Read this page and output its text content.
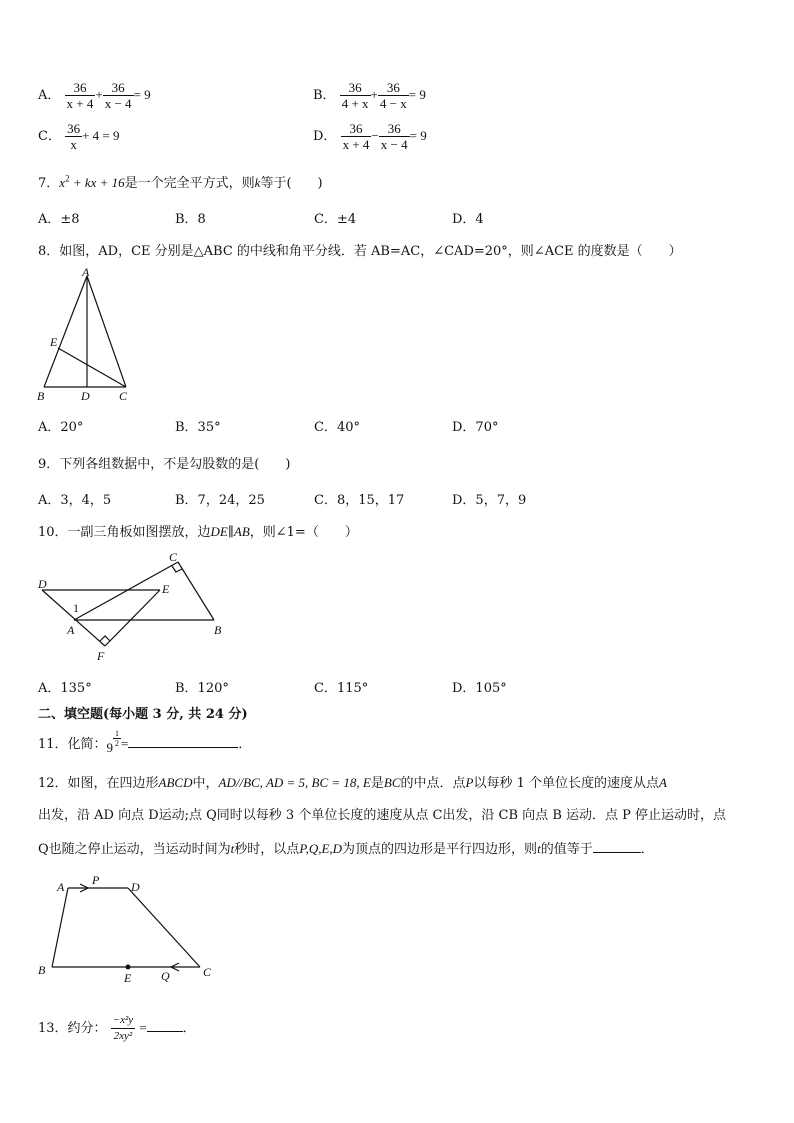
A． $\frac{36}{x + 4} + \frac{36}{x - 4} = 9$	B． $\frac{36}{4 + x} + \frac{36}{4 - x} = 9$
C． $\frac{36}{x} + 4 = 9$	D． $\frac{36}{x + 4} - \frac{36}{x - 4} = 9$
7．$x^2$ + kx + 16是一个完全平方式，则k等于(　　)
A．±8	B．8	C．±4	D．4
8．如图，AD，CE 分别是△ABC 的中线和角平分线．若 AB=AC，∠CAD=20°，则∠ACE 的度数是（　　）
A
E
B	D C
A．20°	B．35°	C．40°	D．70°
9．下列各组数据中，不是勾股数的是(　　)
A．3，4，5	B．7，24，25	C．8，15，17	D．5，7，9
10．一副三角板如图摆放，边DE∥AB，则∠1=（　　）
C
D	E
1
A	B
F
A．135°	B．120°	C．115°	D．105°
二、填空题(每小题 3 分, 共 24 分)
11．化简：$9 \frac{1}{2}$ =	．
12．如图，在四边形ABCD中，AD//BC, AD = 5, BC = 18, E是BC的中点．点P以每秒 1 个单位长度的速度从点A
出发，沿 AD 向点 D运动;点 Q同时以每秒 3 个单位长度的速度从点 C出发，沿 CB 向点 B 运动．点 P 停止运动时，点
Q也随之停止运动，当运动时间为t秒时，以点P,Q,E,D为顶点的四边形是平行四边形，则t的值等于	．
A P	D
B
E Q	C
13．约分： $\frac{\text{−x²y}}{\text{2xy²}}$ =	．
